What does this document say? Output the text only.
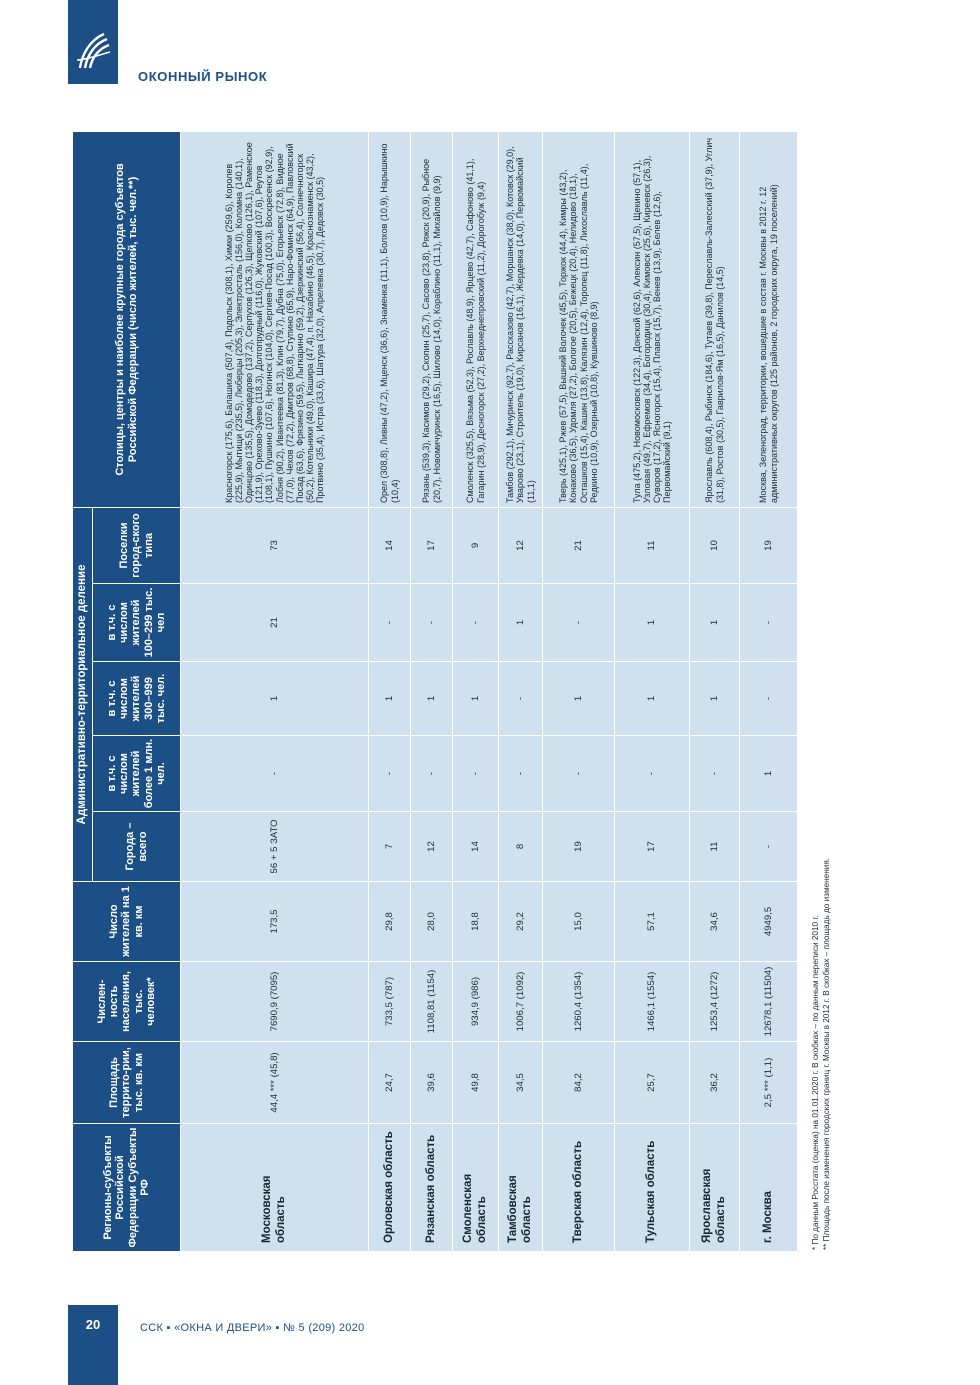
ОКОННЫЙ РЫНОК
Регионы-субъекты Российской Федерации Субъекты РФ	Площадь террито-рии, тыс. кв. км	Числен-ность населения, тыс. человек*	Число жителей на 1 кв. км	Административно-территориальное деление					Столицы, центры и наиболее крупные города субъектов Российской Федерации (число жителей, тыс. чел.**)
				Города – всего	в т.ч. с числом жителей более 1 млн. чел.	в т.ч. с числом жителей 300–999 тыс. чел.	в т.ч. с числом жителей 100–299 тыс. чел	Поселки город-ского типа	
Московская область	44,4 *** (45,8)	7690,9 (7095)	173,5	56 + 5 ЗАТО	-	1	21	73	Красногорск (175,6), Балашиха (507,4), Подольск (308,1), Химки (259,6), Королев (225,9), Мытищи (235,5), Люберцы (205,3), Электросталь (156,0), Коломна (140,1), Одинцово (135,5), Домодедово (137,2), Серпухов (126,3), Щелково (126,1), Раменское (121,9), Орехово-Зуево (118,3), Долгопрудный (116,0), Жуковский (107,6), Реутов (108,1), Пушкино (107,6), Ногинск (104,0), Сергиев-Посад (100,3), Воскресенск (92,9), Лобня (90,2), Ивантеевка (81,3), Клин (79,7), Дубна (75,0), Егорьевск (72,8), Видное (77,0), Чехов (72,2), Дмитров (68,8), Ступино (65,9), Наро-Фоминск (64,9), Павловский Посад (63,6), Фрязино (59,5), Лыткарино (59,2), Дзержинский (56,4), Солнечногорск (50,2), Котельники (49,0), Кашира (47,4), п. Нахабино (46,5), Краснознаменск (43,2), Протвино (35,4), Истра (33,6), Шатура (32,0), Апрелевка (30,7), Дедовск (30,5)
Орловская область	24,7	733,5 (787)	29,8	7	-	1	-	14	Орел (308,8), Ливны (47,2), Мценск (36,6), Знаменка (11,1), Болхов (10,9), Нарышкино (10,4)
Рязанская область	39,6	1108,81 (1154)	28,0	12	-	1	-	17	Рязань (539,3), Касимов (29,2), Скопин (25,7), Сасово (23,8), Ряжск (20,9), Рыбное (20,7), Новомичуринск (16,5), Шилово (14,0), Кораблино (11,1), Михайлов (9,9)
Смоленская область	49,8	934,9 (986)	18,8	14	-	1	-	9	Смоленск (325,5), Вязьма (52,3), Рославль (48,9), Ярцево (42,7), Сафоново (41,1), Гагарин (28,9), Десногорск (27,2), Верхнеднепровский (11,2), Дорогобуж (9,4)
Тамбовская область	34,5	1006,7 (1092)	29,2	8	-	-	1	12	Тамбов (292,1), Мичуринск (92,7), Рассказово (42,7), Моршанск (38,0), Котовск (29,0), Уварово (23,1), Строитель (19,0), Кирсанов (16,1), Жердевка (14,0), Первомайский (11,1)
Тверская область	84,2	1260,4 (1354)	15,0	19	-	1	-	21	Тверь (425,1), Ржев (57,5), Вышний Волочек (45,5), Торжок (44,4), Кимры (43,2), Конаково (36,5), Удомля (27,2), Бологое (20,5), Бежецк (20,4), Нелидово (18,1), Осташков (15,4), Кашин (13,8), Калязин (12,4), Торопец (11,8), Лихославль (11,4), Редкино (10,9), Озерный (10,8), Кувшиново (8,9)
Тульская область	25,7	1466,1 (1554)	57,1	17	-	1	1	11	Тула (475,2), Новомосковск (122,3), Донской (62,6), Алексин (57,5), Щекино (57,1), Узловая (49,7), Ефремов (34,4), Богородицк (30,4), Кимовск (25,6), Киреевск (26,3), Суворов (17,2), Ясногорск (15,4), Плавск (15,7), Венев (13,9), Белев (12,6), Первомайский (9,1)
Ярославская область	36,2	1253,4 (1272)	34,6	11	-	1	1	10	Ярославль (608,4), Рыбинск (184,6), Тутаев (39,8), Переславль-Залесский (37,9), Углич (31,8), Ростов (30,5), Гаврилов-Ям (16,5), Данилов (14,5)
г. Москва	2,5 *** (1,1)	12678,1 (11504)	4949,5	-	1	-	-	19	Москва, Зеленоград, территории, вошедшие в состав г. Москвы в 2012 г. 12 административных округов (125 районов, 2 городских округа, 19 поселений)
* По данным Росстата (оценка) на 01.01.2020 г. В скобках – по данным переписи 2010 г. ** Площадь после изменения городских границ г. Москвы в 2012 г. В скобках – площадь до изменения.
20	ССК ▪ «ОКНА И ДВЕРИ» ▪ № 5 (209) 2020
